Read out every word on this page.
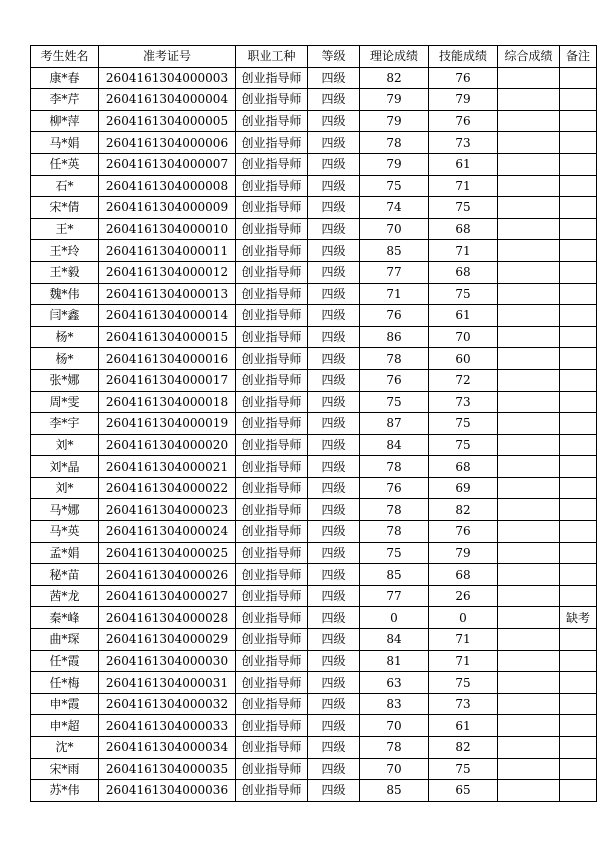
考生姓名	准考证号	职业工种	等级	理论成绩	技能成绩	综合成绩	备注
康*春	2604161304000003	创业指导师	四级	82	76		
李*芹	2604161304000004	创业指导师	四级	79	79		
柳*萍	2604161304000005	创业指导师	四级	79	76		
马*娟	2604161304000006	创业指导师	四级	78	73		
任*英	2604161304000007	创业指导师	四级	79	61		
石*	2604161304000008	创业指导师	四级	75	71		
宋*倩	2604161304000009	创业指导师	四级	74	75		
王*	2604161304000010	创业指导师	四级	70	68		
王*玲	2604161304000011	创业指导师	四级	85	71		
王*毅	2604161304000012	创业指导师	四级	77	68		
魏*伟	2604161304000013	创业指导师	四级	71	75		
闫*鑫	2604161304000014	创业指导师	四级	76	61		
杨*	2604161304000015	创业指导师	四级	86	70		
杨*	2604161304000016	创业指导师	四级	78	60		
张*娜	2604161304000017	创业指导师	四级	76	72		
周*雯	2604161304000018	创业指导师	四级	75	73		
李*宇	2604161304000019	创业指导师	四级	87	75		
刘*	2604161304000020	创业指导师	四级	84	75		
刘*晶	2604161304000021	创业指导师	四级	78	68		
刘*	2604161304000022	创业指导师	四级	76	69		
马*娜	2604161304000023	创业指导师	四级	78	82		
马*英	2604161304000024	创业指导师	四级	78	76		
孟*娟	2604161304000025	创业指导师	四级	75	79		
秘*苗	2604161304000026	创业指导师	四级	85	68		
茜*龙	2604161304000027	创业指导师	四级	77	26		
秦*峰	2604161304000028	创业指导师	四级	0	0		缺考
曲*琛	2604161304000029	创业指导师	四级	84	71		
任*霞	2604161304000030	创业指导师	四级	81	71		
任*梅	2604161304000031	创业指导师	四级	63	75		
申*霞	2604161304000032	创业指导师	四级	83	73		
申*超	2604161304000033	创业指导师	四级	70	61		
沈*	2604161304000034	创业指导师	四级	78	82		
宋*雨	2604161304000035	创业指导师	四级	70	75		
苏*伟	2604161304000036	创业指导师	四级	85	65		
